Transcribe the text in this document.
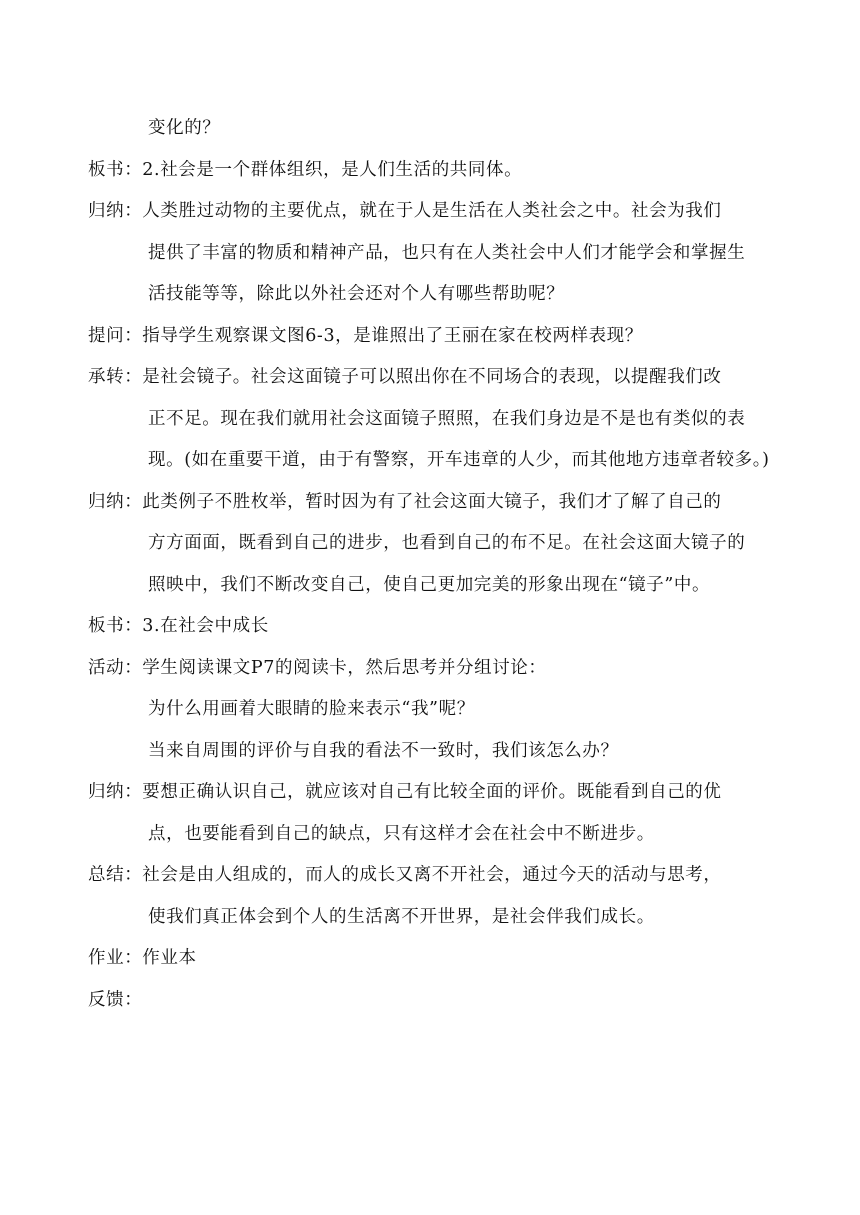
变化的？
板书：2.社会是一个群体组织，是人们生活的共同体。
归纳：人类胜过动物的主要优点，就在于人是生活在人类社会之中。社会为我们
提供了丰富的物质和精神产品，也只有在人类社会中人们才能学会和掌握生
活技能等等，除此以外社会还对个人有哪些帮助呢？
提问：指导学生观察课文图6-3，是谁照出了王丽在家在校两样表现？
承转：是社会镜子。社会这面镜子可以照出你在不同场合的表现，以提醒我们改
正不足。现在我们就用社会这面镜子照照，在我们身边是不是也有类似的表
现。(如在重要干道，由于有警察，开车违章的人少，而其他地方违章者较多。)
归纳：此类例子不胜枚举，暂时因为有了社会这面大镜子，我们才了解了自己的
方方面面，既看到自己的进步，也看到自己的布不足。在社会这面大镜子的
照映中，我们不断改变自己，使自己更加完美的形象出现在“镜子”中。
板书：3.在社会中成长
活动：学生阅读课文P7的阅读卡，然后思考并分组讨论：
为什么用画着大眼睛的脸来表示“我”呢？
当来自周围的评价与自我的看法不一致时，我们该怎么办？
归纳：要想正确认识自己，就应该对自己有比较全面的评价。既能看到自己的优
点，也要能看到自己的缺点，只有这样才会在社会中不断进步。
总结：社会是由人组成的，而人的成长又离不开社会，通过今天的活动与思考，
使我们真正体会到个人的生活离不开世界，是社会伴我们成长。
作业：作业本
反馈：
